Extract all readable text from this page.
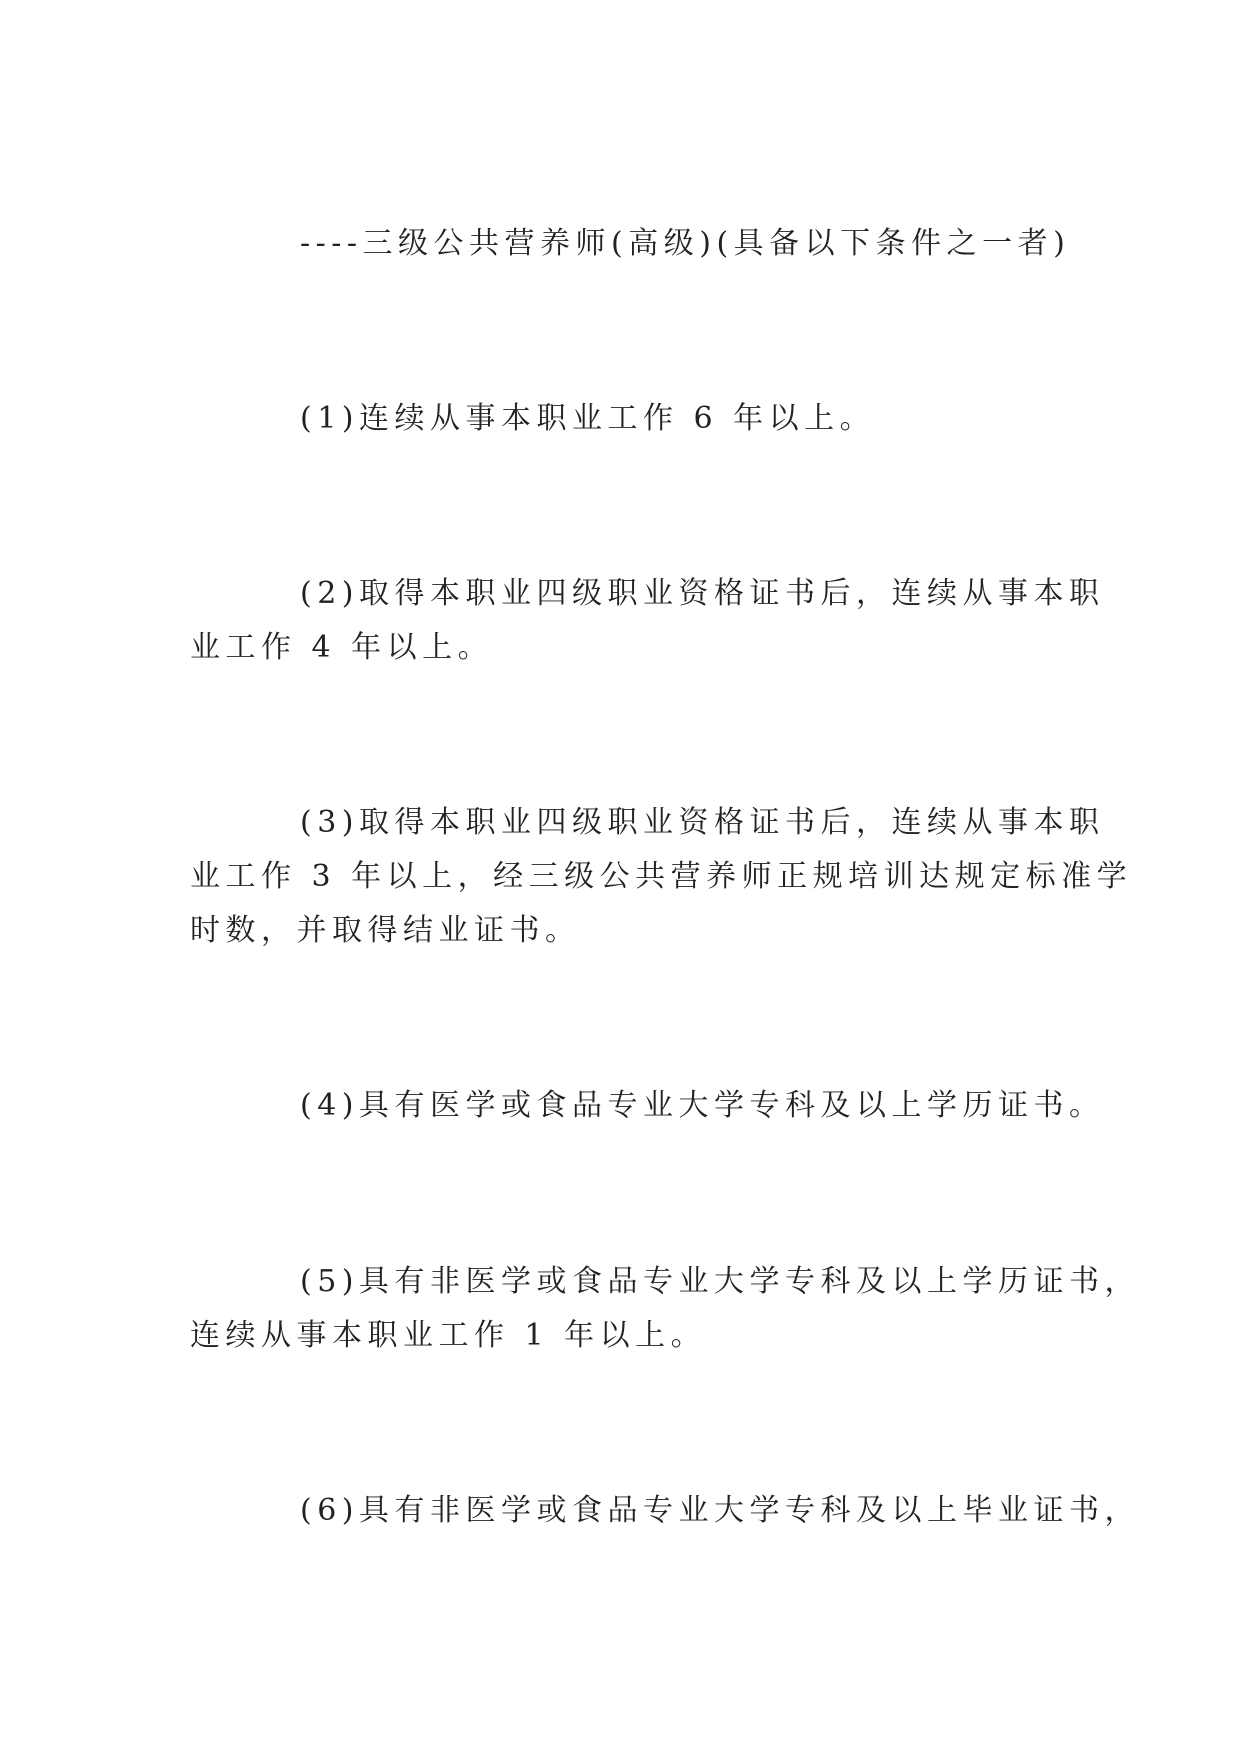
----三级公共营养师(高级)(具备以下条件之一者)
(1)连续从事本职业工作 6 年以上。
(2)取得本职业四级职业资格证书后，连续从事本职
业工作 4 年以上。
(3)取得本职业四级职业资格证书后，连续从事本职
业工作 3 年以上，经三级公共营养师正规培训达规定标准学
时数，并取得结业证书。
(4)具有医学或食品专业大学专科及以上学历证书。
(5)具有非医学或食品专业大学专科及以上学历证书，
连续从事本职业工作 1 年以上。
(6)具有非医学或食品专业大学专科及以上毕业证书，
